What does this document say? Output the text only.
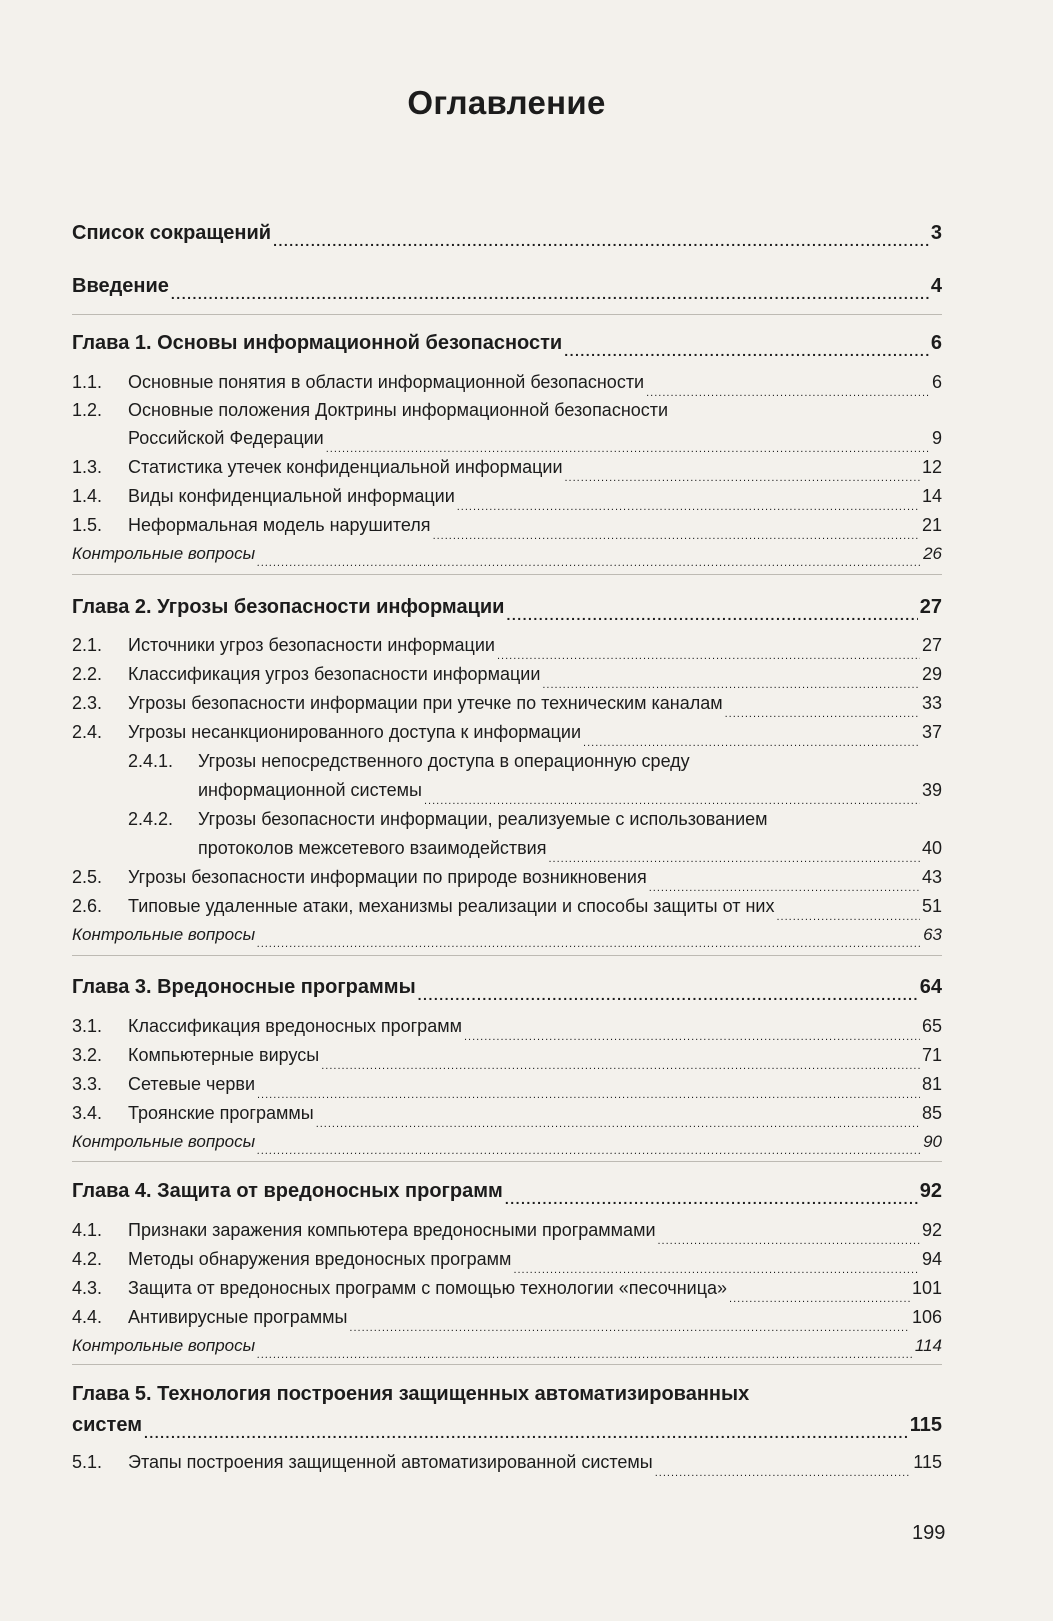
Оглавление
Список сокращений .....	3
Введение .....	4
Глава 1. Основы информационной безопасности .....	6
1.1.	Основные понятия в области информационной безопасности .....	6
1.2. Основные положения Доктрины информационной безопасности
Российской Федерации .....	9
1.3.	Статистика утечек конфиденциальной информации .....	12
1.4.	Виды конфиденциальной информации .....	14
1.5.	Неформальная модель нарушителя .....	21
Контрольные вопросы .....	26
Глава 2. Угрозы безопасности информации .....	27
2.1.	Источники угроз безопасности информации .....	27
2.2.	Классификация угроз безопасности информации .....	29
2.3.	Угрозы безопасности информации при утечке по техническим каналам .....	33
2.4.	Угрозы несанкционированного доступа к информации .....	37
2.4.1. Угрозы непосредственного доступа в операционную среду
информационной системы .....	39
2.4.2. Угрозы безопасности информации, реализуемые с использованием
протоколов межсетевого взаимодействия .....	40
2.5.	Угрозы безопасности информации по природе возникновения .....	43
2.6.	Типовые удаленные атаки, механизмы реализации и способы защиты от них .....	51
Контрольные вопросы .....	63
Глава 3. Вредоносные программы .....	64
3.1.	Классификация вредоносных программ .....	65
3.2.	Компьютерные вирусы .....	71
3.3.	Сетевые черви .....	81
3.4.	Троянские программы .....	85
Контрольные вопросы .....	90
Глава 4. Защита от вредоносных программ .....	92
4.1.	Признаки заражения компьютера вредоносными программами .....	92
4.2.	Методы обнаружения вредоносных программ .....	94
4.3.	Защита от вредоносных программ с помощью технологии «песочница» .....	101
4.4.	Антивирусные программы .....	106
Контрольные вопросы .....	114
Глава 5. Технология построения защищенных автоматизированных
систем .....	115
5.1.	Этапы построения защищенной автоматизированной системы .....	115
199
